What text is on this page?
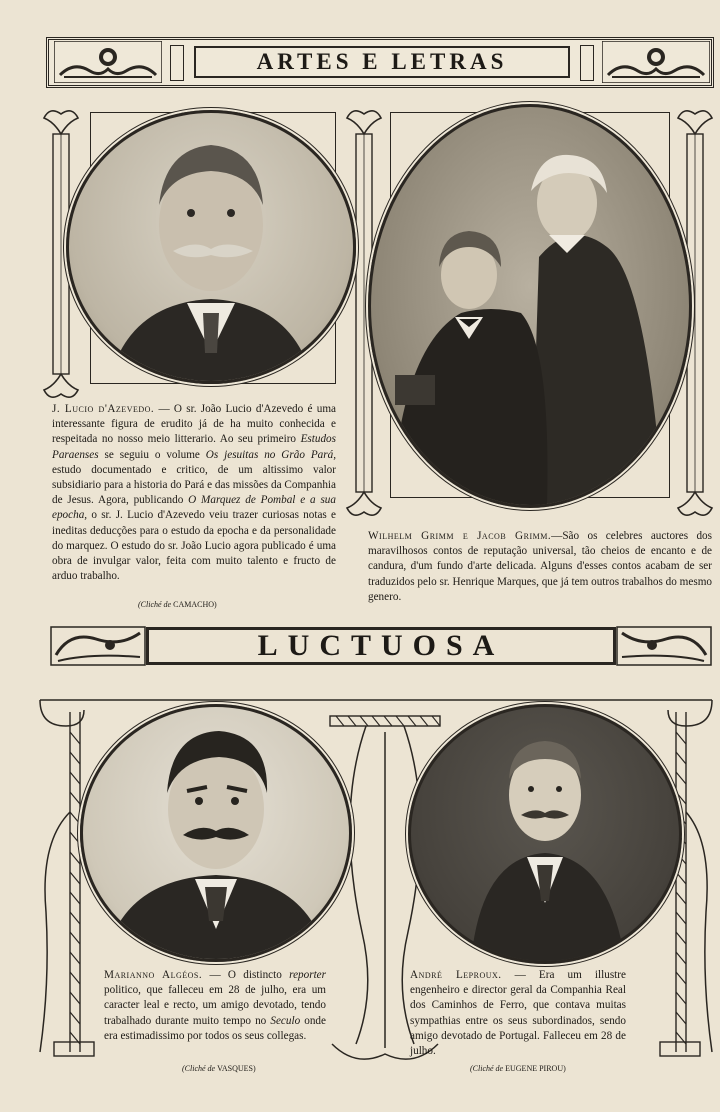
ARTES E LETRAS
J. Lucio d'Azevedo. — O sr. João Lucio d'Azevedo é uma interessante figura de erudito já de ha muito conhecida e respeitada no nosso meio litterario. Ao seu primeiro Estudos Paraenses se seguiu o volume Os jesuitas no Grão Pará, estudo documentado e critico, de um altissimo valor subsidiario para a historia do Pará e das missões da Companhia de Jesus. Agora, publicando O Marquez de Pombal e a sua epocha, o sr. J. Lucio d'Azevedo veiu trazer curiosas notas e ineditas deducções para o estudo da epocha e da personalidade do marquez. O estudo do sr. João Lucio agora publicado é uma obra de invulgar valor, feita com muito talento e fructo de arduo trabalho.
(Cliché de CAMACHO)
Wilhelm Grimm e Jacob Grimm.—São os celebres auctores dos maravilhosos contos de reputação universal, tão cheios de encanto e de candura, d'um fundo d'arte delicada. Alguns d'esses contos acabam de ser traduzidos pelo sr. Henrique Marques, que já tem outros trabalhos do mesmo genero.
LUCTUOSA
Marianno Algéos. — O distincto reporter politico, que falleceu em 28 de julho, era um caracter leal e recto, um amigo devotado, tendo trabalhado durante muito tempo no Seculo onde era estimadissimo por todos os seus collegas.
(Cliché de VASQUES)
André Leproux. — Era um illustre engenheiro e director geral da Companhia Real dos Caminhos de Ferro, que contava muitas sympathias entre os seus subordinados, sendo amigo devotado de Portugal. Falleceu em 28 de julho.
(Cliché de EUGENE PIROU)
